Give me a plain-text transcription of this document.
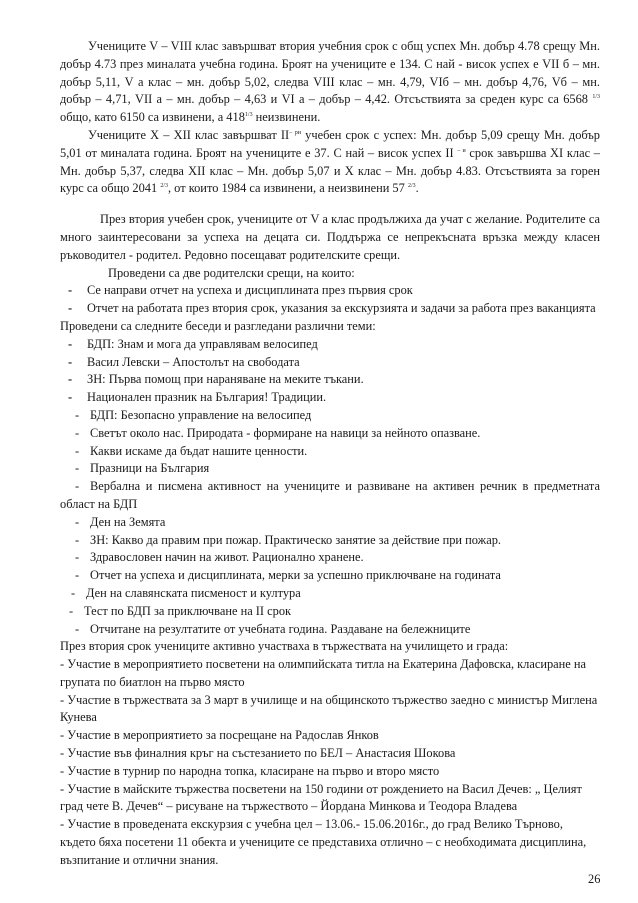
Учениците V – VIII клас завършват втория учебния срок с общ успех Мн. добър 4.78 срещу Мн. добър 4.73 през миналата учебна година. Броят на учениците е 134. С най - висок успех е VII б – мн. добър 5,11, V а клас – мн. добър 5,02, следва VIII клас – мн. 4,79, VIб – мн. добър 4,76, Vб – мн. добър – 4,71, VII а – мн. добър – 4,63 и VI а – добър – 4,42. Отсъствията за среден курс са 6568 $^{1/3}$ общо, като 6150 са извинени, а $418^{1/3}$ неизвинени.

Учениците X – XII клас завършват $II^{- ри}$ учебен срок с успех: Мн. добър 5,09 срещу Мн. добър 5,01 от миналата година. Броят на учениците е 37. С най – висок успех II $^{- и}$ срок завършва XI клас – Мн. добър 5,37, следва XII клас – Мн. добър 5,07 и X клас – Мн. добър 4.83. Отсъствията за горен курс са общо 2041 $^{2/3}$, от които 1984 са извинени, а неизвинени 57 $^{2/3}$.

През втория учебен срок, учениците от V а клас продължиха да учат с желание. Родителите са много заинтересовани за успеха на децата си. Поддържа се непрекъсната връзка между класен ръководител - родител. Редовно посещават родителските срещи.

Проведени са две родителски срещи, на които:

- Се направи отчет на успеха и дисциплината през първия срок
- Отчет на работата през втория срок, указания за екскурзията и задачи за работа през ваканцията

Проведени са следните беседи и разгледани различни теми:

- БДП: Знам и мога да управлявам велосипед
- Васил Левски – Апостолът на свободата
- ЗН: Първа помощ при нараняване на меките тъкани.
- Национален празник на България! Традиции.
- БДП: Безопасно управление на велосипед
- Светът около нас. Природата - формиране на навици за нейното опазване.
- Какви искаме да бъдат нашите ценности.
- Празници на България

- Вербална и писмена активност на учениците и развиване на активен речник в предметната област на БДП

- Ден на Земята
- ЗН: Какво да правим при пожар. Практическо занятие за действие при пожар.
- Здравословен начин на живот. Рационално хранене.
- Отчет на успеха и дисциплината, мерки за успешно приключване на годината
- Ден на славянската писменост и култура
- Тест по БДП за приключване на II срок
- Отчитане на резултатите от учебната година. Раздаване на бележниците

През втория срок учениците активно участваха в тържествата на училището и града:

- Участие в мероприятието посветени на олимпийската титла на Екатерина Дафовска, класиране на групата по биатлон на първо място

- Участие в тържествата за 3 март в училище и на общинското тържество заедно с министър Миглена Кунева

- Участие в мероприятието за посрещане на Радослав Янков

- Участие във финалния кръг на състезанието по БЕЛ – Анастасия Шокова

- Участие в турнир по народна топка, класиране на първо и второ място

- Участие в майските тържества посветени на 150 години от рождението на Васил Дечев: „ Целият град чете В. Дечев“ – рисуване на тържеството – Йордана Минкова и Теодора Владева

- Участие в проведената екскурзия с учебна цел – 13.06.- 15.06.2016г., до град Велико Търново, където бяха посетени 11 обекта и учениците се представиха отлично – с необходимата дисциплина, възпитание и отлични знания.

26
